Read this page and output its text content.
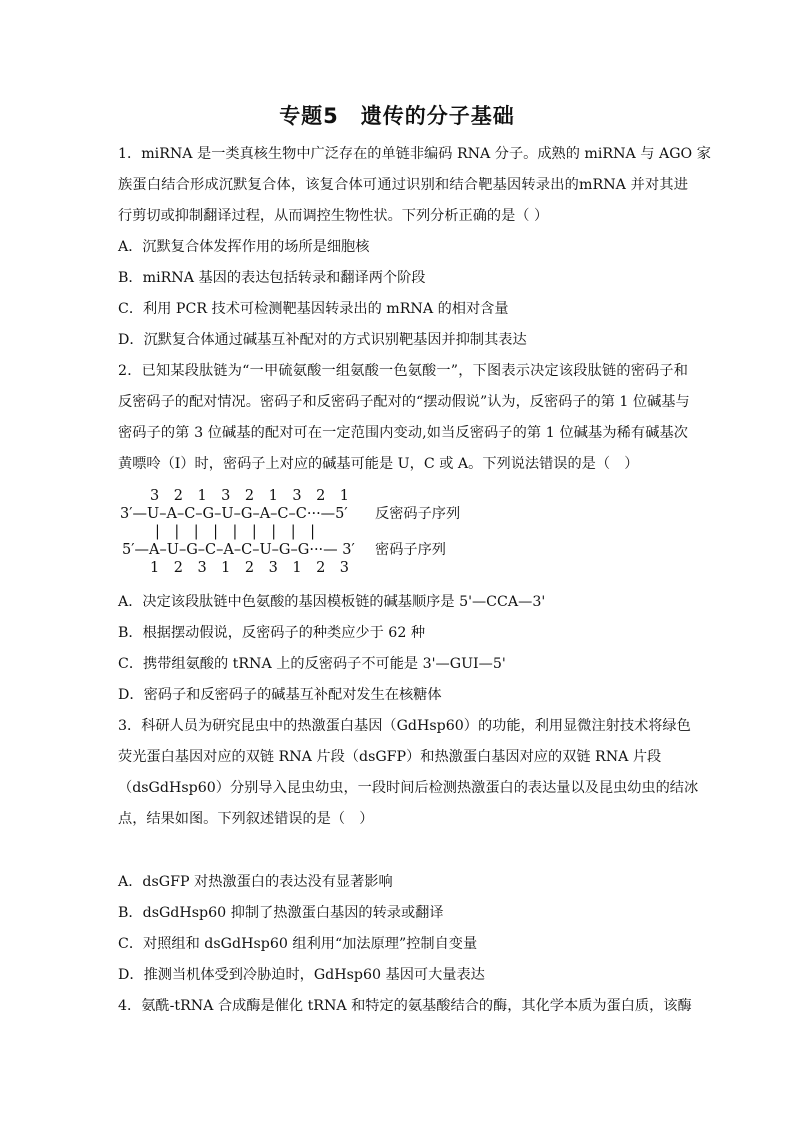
专题5　遗传的分子基础
1．miRNA 是一类真核生物中广泛存在的单链非编码 RNA 分子。成熟的 miRNA 与 AGO 家
族蛋白结合形成沉默复合体，该复合体可通过识别和结合靶基因转录出的mRNA 并对其进
行剪切或抑制翻译过程，从而调控生物性状。下列分析正确的是（ ）
A．沉默复合体发挥作用的场所是细胞核
B．miRNA 基因的表达包括转录和翻译两个阶段
C．利用 PCR 技术可检测靶基因转录出的 mRNA 的相对含量
D．沉默复合体通过碱基互补配对的方式识别靶基因并抑制其表达
2．已知某段肽链为“一甲硫氨酸一组氨酸一色氨酸一”，下图表示决定该段肽链的密码子和
反密码子的配对情况。密码子和反密码子配对的“摆动假说”认为，反密码子的第 1 位碱基与
密码子的第 3 位碱基的配对可在一定范围内变动,如当反密码子的第 1 位碱基为稀有碱基次
黄嘌呤（Ⅰ）时，密码子上对应的碱基可能是 U，C 或 A。下列说法错误的是（　）
3　2　1　3　2　1　3　2　1
3′—U–A–C–G–U–G–A–C–C···—5′ 反密码子序列
|　|　|　|　|　|　|　|　|
5′—A–U–G–C–A–C–U–G–G···— 3′ 密码子序列
1　2　3　1　2　3　1　2　3
A．决定该段肽链中色氨酸的基因模板链的碱基顺序是 5'—CCA—3'
B．根据摆动假说，反密码子的种类应少于 62 种
C．携带组氨酸的 tRNA 上的反密码子不可能是 3'—GUI—5'
D．密码子和反密码子的碱基互补配对发生在核糖体
3．科研人员为研究昆虫中的热激蛋白基因（GdHsp60）的功能，利用显微注射技术将绿色
荧光蛋白基因对应的双链 RNA 片段（dsGFP）和热激蛋白基因对应的双链 RNA 片段
（dsGdHsp60）分别导入昆虫幼虫，一段时间后检测热激蛋白的表达量以及昆虫幼虫的结冰
点，结果如图。下列叙述错误的是（　）
A．dsGFP 对热激蛋白的表达没有显著影响
B．dsGdHsp60 抑制了热激蛋白基因的转录或翻译
C．对照组和 dsGdHsp60 组利用“加法原理”控制自变量
D．推测当机体受到冷胁迫时，GdHsp60 基因可大量表达
4．氨酰-tRNA 合成酶是催化 tRNA 和特定的氨基酸结合的酶，其化学本质为蛋白质，该酶
